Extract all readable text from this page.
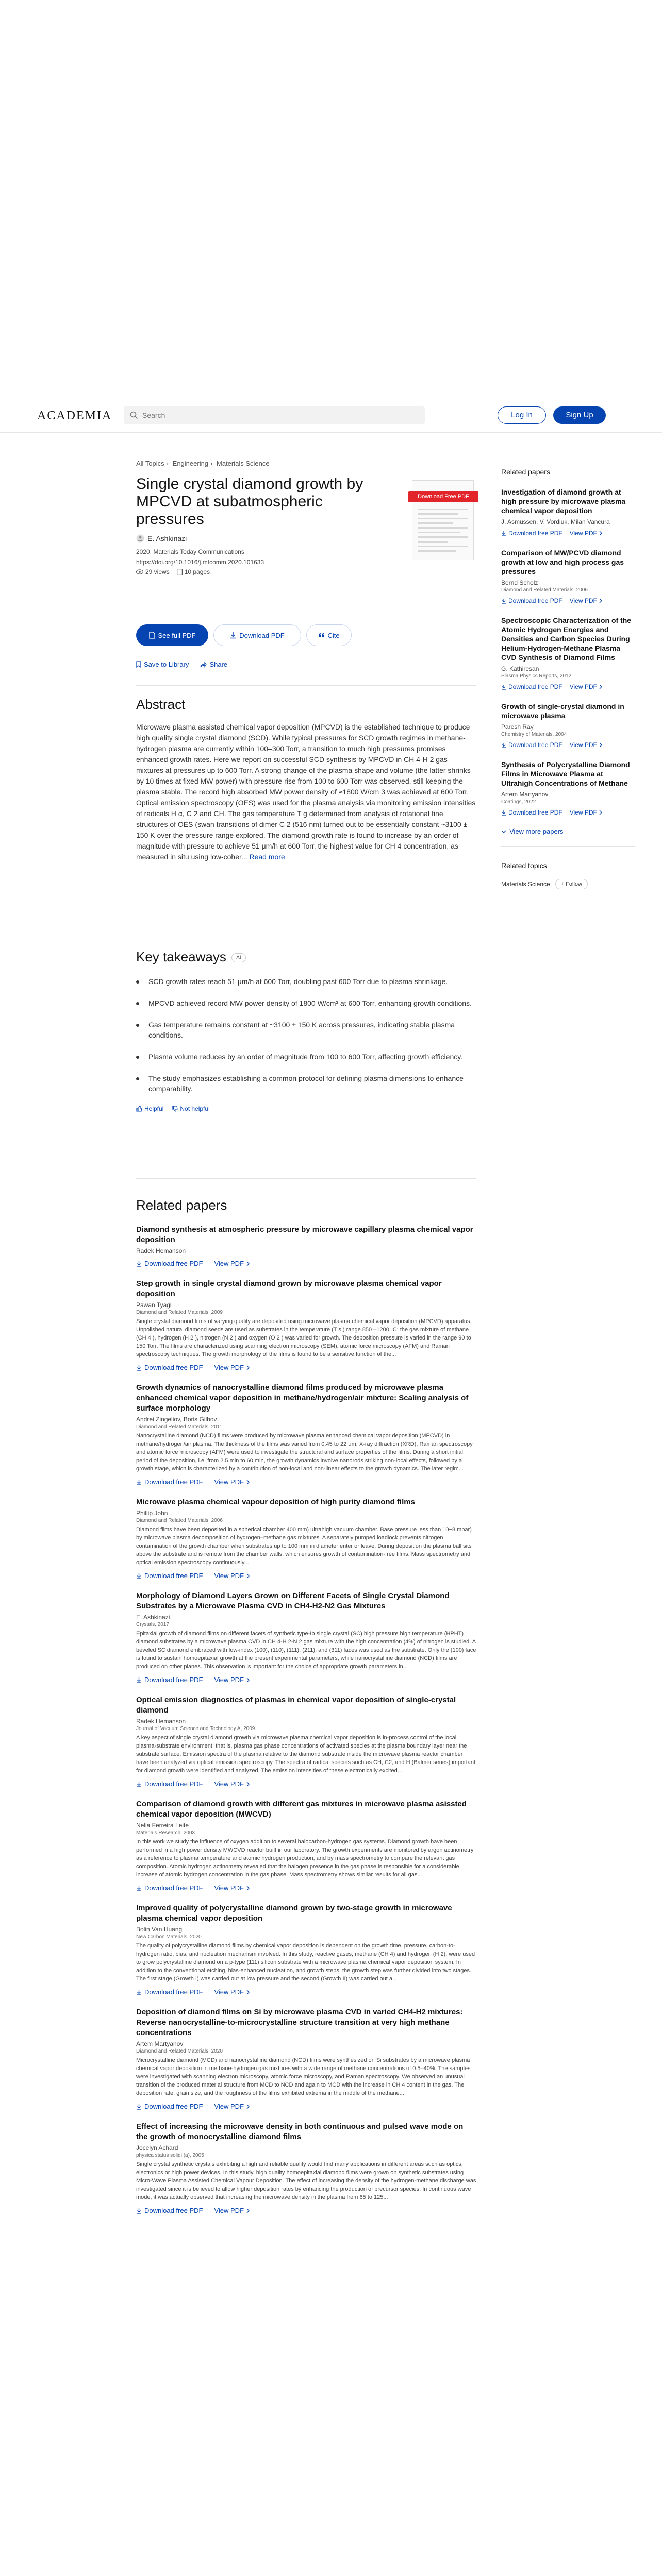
ACADEMIA
Search	Log In	Sign Up
All Topics › Engineering › Materials Science
Single crystal diamond growth by MPCVD at subatmospheric pressures
E. Ashkinazi
2020, Materials Today Communications
https://doi.org/10.1016/j.mtcomm.2020.101633
29 views 10 pages
Download Free PDF
See full PDF	Download PDF	Cite
Save to Library	Share
Abstract

Microwave plasma assisted chemical vapor deposition (MPCVD) is the established technique to produce high quality single crystal diamond (SCD). While typical pressures for SCD growth regimes in methane-hydrogen plasma are currently within 100–300 Torr, a transition to much high pressures promises enhanced growth rates. Here we report on successful SCD synthesis by MPCVD in CH 4-H 2 gas mixtures at pressures up to 600 Torr. A strong change of the plasma shape and volume (the latter shrinks by 10 times at fixed MW power) with pressure rise from 100 to 600 Torr was observed, still keeping the plasma stable. The record high absorbed MW power density of ≈1800 W/cm 3 was achieved at 600 Torr. Optical emission spectroscopy (OES) was used for the plasma analysis via monitoring emission intensities of radicals H α, C 2 and CH. The gas temperature T g determined from analysis of rotational fine structures of OES (swan transitions of dimer C 2 (516 nm) turned out to be essentially constant ~3100 ± 150 K over the pressure range explored. The diamond growth rate is found to increase by an order of magnitude with pressure to achieve 51 μm/h at 600 Torr, the highest value for CH 4 concentration, as measured in situ using low-coher... Read more

Key takeaways AI
SCD growth rates reach 51 μm/h at 600 Torr, doubling past 600 Torr due to plasma shrinkage.
MPCVD achieved record MW power density of 1800 W/cm³ at 600 Torr, enhancing growth conditions.
Gas temperature remains constant at ~3100 ± 150 K across pressures, indicating stable plasma conditions.
Plasma volume reduces by an order of magnitude from 100 to 600 Torr, affecting growth efficiency.
The study emphasizes establishing a common protocol for defining plasma dimensions to enhance comparability.
Helpful	Not helpful
Related papers
Diamond synthesis at atmospheric pressure by microwave capillary plasma chemical vapor deposition
Radek Hemanson
Download free PDF View PDF
Step growth in single crystal diamond grown by microwave plasma chemical vapor deposition
Pawan Tyagi
Diamond and Related Materials, 2009
Single crystal diamond films of varying quality are deposited using microwave plasma chemical vapor deposition (MPCVD) apparatus. Unpolished natural diamond seeds are used as substrates in the temperature (T s ) range 850 –1200 ◦C; the gas mixture of methane (CH 4 ), hydrogen (H 2 ), nitrogen (N 2 ) and oxygen (O 2 ) was varied for growth. The deposition pressure is varied in the range 90 to 150 Torr. The films are characterized using scanning electron microscopy (SEM), atomic force microscopy (AFM) and Raman spectroscopy techniques. The growth morphology of the films is found to be a sensitive function of the...
Download free PDF View PDF
Growth dynamics of nanocrystalline diamond films produced by microwave plasma enhanced chemical vapor deposition in methane/hydrogen/air mixture: Scaling analysis of surface morphology
Andrei Zingeliov, Boris Gilbov
Diamond and Related Materials, 2011
Nanocrystalline diamond (NCD) films were produced by microwave plasma enhanced chemical vapor deposition (MPCVD) in methane/hydrogen/air plasma. The thickness of the films was varied from 0.45 to 22 μm; X-ray diffraction (XRD), Raman spectroscopy and atomic force microscopy (AFM) were used to investigate the structural and surface properties of the films. During a short initial period of the deposition, i.e. from 2.5 min to 60 min, the growth dynamics involve nanorods striking non-local effects, followed by a growth stage, which is characterized by a contribution of non-local and non-linear effects to the growth dynamics. The later regim...
Download free PDF View PDF
Microwave plasma chemical vapour deposition of high purity diamond films
Phillip John
Diamond and Related Materials, 2006
Diamond films have been deposited in a spherical chamber 400 mm) ultrahigh vacuum chamber. Base pressure less than 10−8 mbar) by microwave plasma decomposition of hydrogen–methane gas mixtures. A separately pumped loadlock prevents nitrogen contamination of the growth chamber when substrates up to 100 mm in diameter enter or leave. During deposition the plasma ball sits above the substrate and is remote from the chamber walls, which ensures growth of contamination-free films. Mass spectrometry and optical emission spectroscopy continuously...
Download free PDF View PDF
Morphology of Diamond Layers Grown on Different Facets of Single Crystal Diamond Substrates by a Microwave Plasma CVD in CH4-H2-N2 Gas Mixtures
E. Ashkinazi
Crystals, 2017
Epitaxial growth of diamond films on different facets of synthetic type-Ib single crystal (SC) high pressure high temperature (HPHT) diamond substrates by a microwave plasma CVD in CH 4-H 2-N 2 gas mixture with the high concentration (4%) of nitrogen is studied. A beveled SC diamond embraced with low-index (100), (110), (111), (211), and (311) faces was used as the substrate. Only the (100) face is found to sustain homoepitaxial growth at the present experimental parameters, while nanocrystalline diamond (NCD) films are produced on other planes. This observation is important for the choice of appropriate growth parameters in...
Download free PDF View PDF
Optical emission diagnostics of plasmas in chemical vapor deposition of single-crystal diamond
Radek Hemanson
Journal of Vacuum Science and Technology A, 2009
A key aspect of single crystal diamond growth via microwave plasma chemical vapor deposition is in-process control of the local plasma-substrate environment; that is, plasma gas phase concentrations of activated species at the plasma boundary layer near the substrate surface. Emission spectra of the plasma relative to the diamond substrate inside the microwave plasma reactor chamber have been analyzed via optical emission spectroscopy. The spectra of radical species such as CH, C2, and H (Balmer series) important for diamond growth were identified and analyzed. The emission intensities of these electronically excited...
Download free PDF View PDF
Comparison of diamond growth with different gas mixtures in microwave plasma asissted chemical vapor deposition (MWCVD)
Nelia Ferreira Leite
Materials Research, 2003
In this work we study the influence of oxygen addition to several halocarbon-hydrogen gas systems. Diamond growth have been performed in a high power density MWCVD reactor built in our laboratory. The growth experiments are monitored by argon actinometry as a reference to plasma temperature and atomic hydrogen production, and by mass spectrometry to compare the relevant gas composition. Atomic hydrogen actinometry revealed that the halogen presence in the gas phase is responsible for a considerable increase of atomic hydrogen concentration in the gas phase. Mass spectrometry shows similar results for all gas...
Download free PDF View PDF
Improved quality of polycrystalline diamond grown by two-stage growth in microwave plasma chemical vapor deposition
Bolin Van Huang
New Carbon Materials, 2020
The quality of polycrystalline diamond films by chemical vapor deposition is dependent on the growth time, pressure, carbon-to-hydrogen ratio, bias, and nucleation mechanism involved. In this study, reactive gases, methane (CH 4) and hydrogen (H 2), were used to grow polycrystalline diamond on a p-type (111) silicon substrate with a microwave plasma chemical vapor deposition system. In addition to the conventional etching, bias-enhanced nucleation, and growth steps, the growth step was further divided into two stages. The first stage (Growth I) was carried out at low pressure and the second (Growth II) was carried out a...
Download free PDF View PDF
Deposition of diamond films on Si by microwave plasma CVD in varied CH4-H2 mixtures: Reverse nanocrystalline-to-microcrystalline structure transition at very high methane concentrations
Artem Martyanov
Diamond and Related Materials, 2020
Microcrystalline diamond (MCD) and nanocrystalline diamond (NCD) films were synthesized on Si substrates by a microwave plasma chemical vapor deposition in methane-hydrogen gas mixtures with a wide range of methane concentrations of 0.5–40%. The samples were investigated with scanning electron microscopy, atomic force microscopy, and Raman spectroscopy. We observed an unusual transition of the produced material structure from MCD to NCD and again to MCD with the increase in CH 4 content in the gas. The deposition rate, grain size, and the roughness of the films exhibited extrema in the middle of the methane...
Download free PDF View PDF
Effect of increasing the microwave density in both continuous and pulsed wave mode on the growth of monocrystalline diamond films
Jocelyn Achard
physica status solidi (a), 2005
Single crystal synthetic crystals exhibiting a high and reliable quality would find many applications in different areas such as optics, electronics or high power devices. In this study, high quality homoepitaxial diamond films were grown on synthetic substrates using Micro-Wave Plasma Assisted Chemical Vapour Deposition. The effect of increasing the density of the hydrogen-methane discharge was investigated since it is believed to allow higher deposition rates by enhancing the production of precursor species. In continuous wave mode, it was actually observed that increasing the microwave density in the plasma from 65 to 125...
Download free PDF View PDF
Related papers
Investigation of diamond growth at high pressure by microwave plasma chemical vapor deposition
J. Asmussen, V. Vordiuk, Milan Vancura
Download free PDF View PDF
Comparison of MW/PCVD diamond growth at low and high process gas pressures
Bernd Scholz
Diamond and Related Materials, 2006
Download free PDF View PDF
Spectroscopic Characterization of the Atomic Hydrogen Energies and Densities and Carbon Species During Helium-Hydrogen-Methane Plasma CVD Synthesis of Diamond Films
G. Kathiresan
Plasma Physics Reports, 2012
Download free PDF View PDF
Growth of single-crystal diamond in microwave plasma
Paresh Ray
Chemistry of Materials, 2004
Download free PDF View PDF
Synthesis of Polycrystalline Diamond Films in Microwave Plasma at Ultrahigh Concentrations of Methane
Artem Martyanov
Coatings, 2022
Download free PDF View PDF
View more papers
Related topics
Materials Science	+ Follow
